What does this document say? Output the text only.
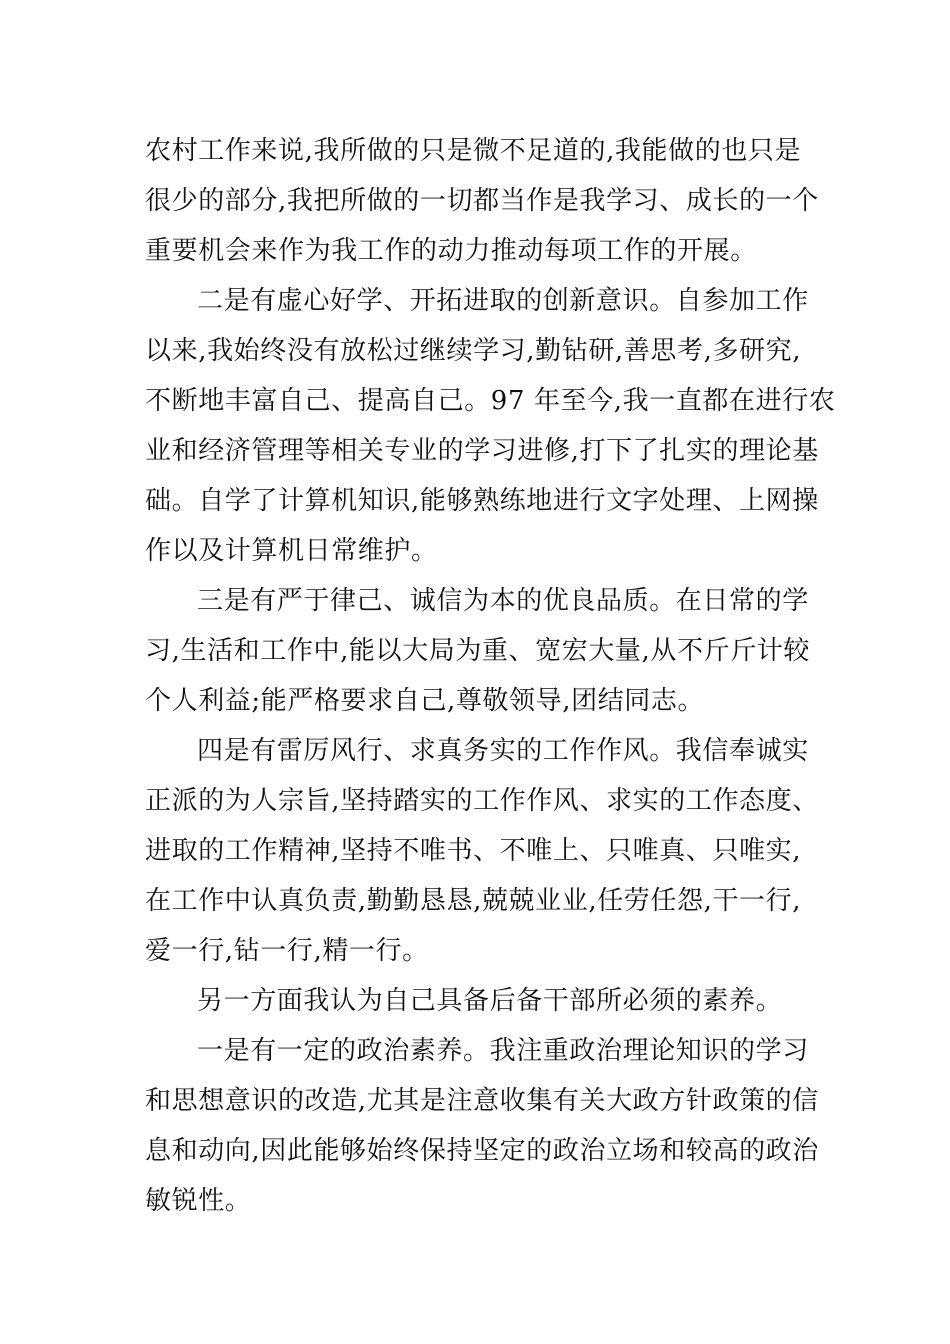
农村工作来说,我所做的只是微不足道的,我能做的也只是
很少的部分,我把所做的一切都当作是我学习、成长的一个
重要机会来作为我工作的动力推动每项工作的开展。
二是有虚心好学、开拓进取的创新意识。自参加工作
以来,我始终没有放松过继续学习,勤钻研,善思考,多研究,
不断地丰富自己、提高自己。97 年至今,我一直都在进行农
业和经济管理等相关专业的学习进修,打下了扎实的理论基
础。自学了计算机知识,能够熟练地进行文字处理、上网操
作以及计算机日常维护。
三是有严于律己、诚信为本的优良品质。在日常的学
习,生活和工作中,能以大局为重、宽宏大量,从不斤斤计较
个人利益;能严格要求自己,尊敬领导,团结同志。
四是有雷厉风行、求真务实的工作作风。我信奉诚实
正派的为人宗旨,坚持踏实的工作作风、求实的工作态度、
进取的工作精神,坚持不唯书、不唯上、只唯真、只唯实,
在工作中认真负责,勤勤恳恳,兢兢业业,任劳任怨,干一行,
爱一行,钻一行,精一行。
另一方面我认为自己具备后备干部所必须的素养。
一是有一定的政治素养。我注重政治理论知识的学习
和思想意识的改造,尤其是注意收集有关大政方针政策的信
息和动向,因此能够始终保持坚定的政治立场和较高的政治
敏锐性。
